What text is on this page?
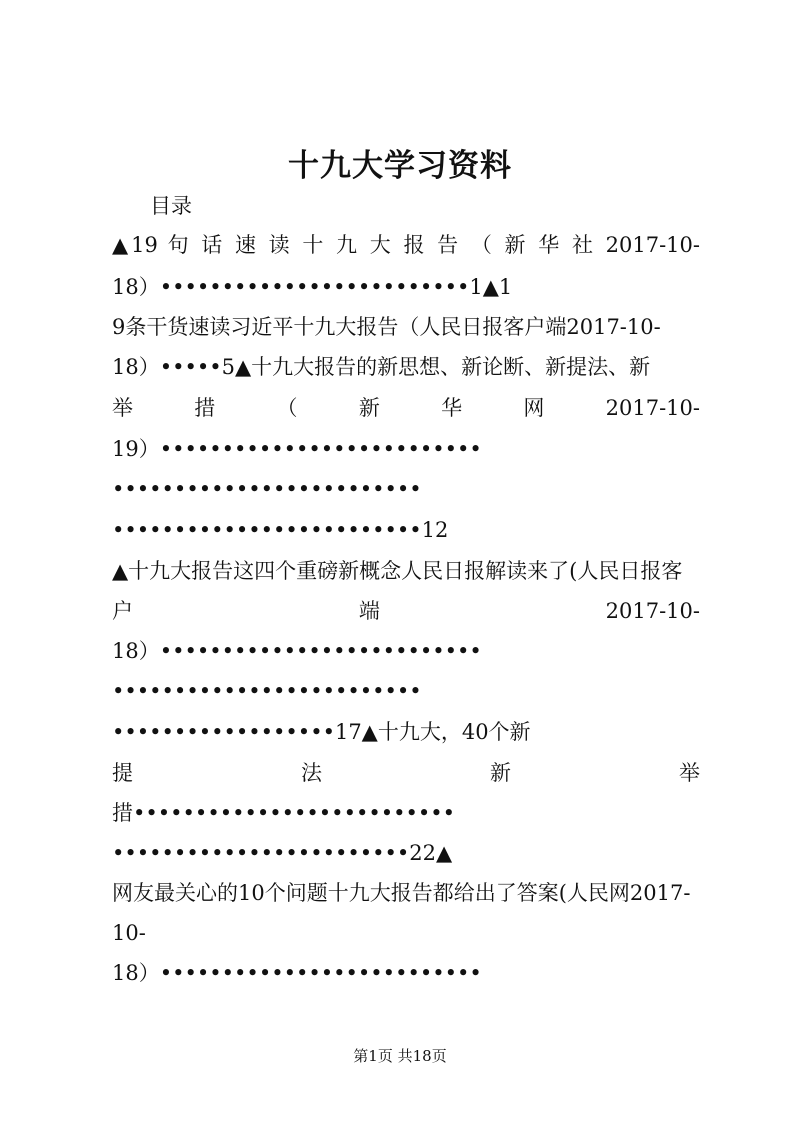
十九大学习资料
目录
▲19 句 话 速 读 十 九 大 报 告 （ 新 华 社 2017-10-
18）•••••••••••••••••••••••••1▲1
9条干货速读习近平十九大报告（人民日报客户端2017-10-
18）•••••5▲十九大报告的新思想、新论断、新提法、新
举 措 （ 新 华 网 2017-10-
19）••••••••••••••••••••••••••
•••••••••••••••••••••••••
•••••••••••••••••••••••••12
▲十九大报告这四个重磅新概念人民日报解读来了(人民日报客
户 端 2017-10-
18）••••••••••••••••••••••••••
•••••••••••••••••••••••••
••••••••••••••••••17▲十九大，40个新
提 法 新 举
措••••••••••••••••••••••••••
••••••••••••••••••••••••22▲
网友最关心的10个问题十九大报告都给出了答案(人民网2017-
10-
18）••••••••••••••••••••••••••
第1页 共18页
